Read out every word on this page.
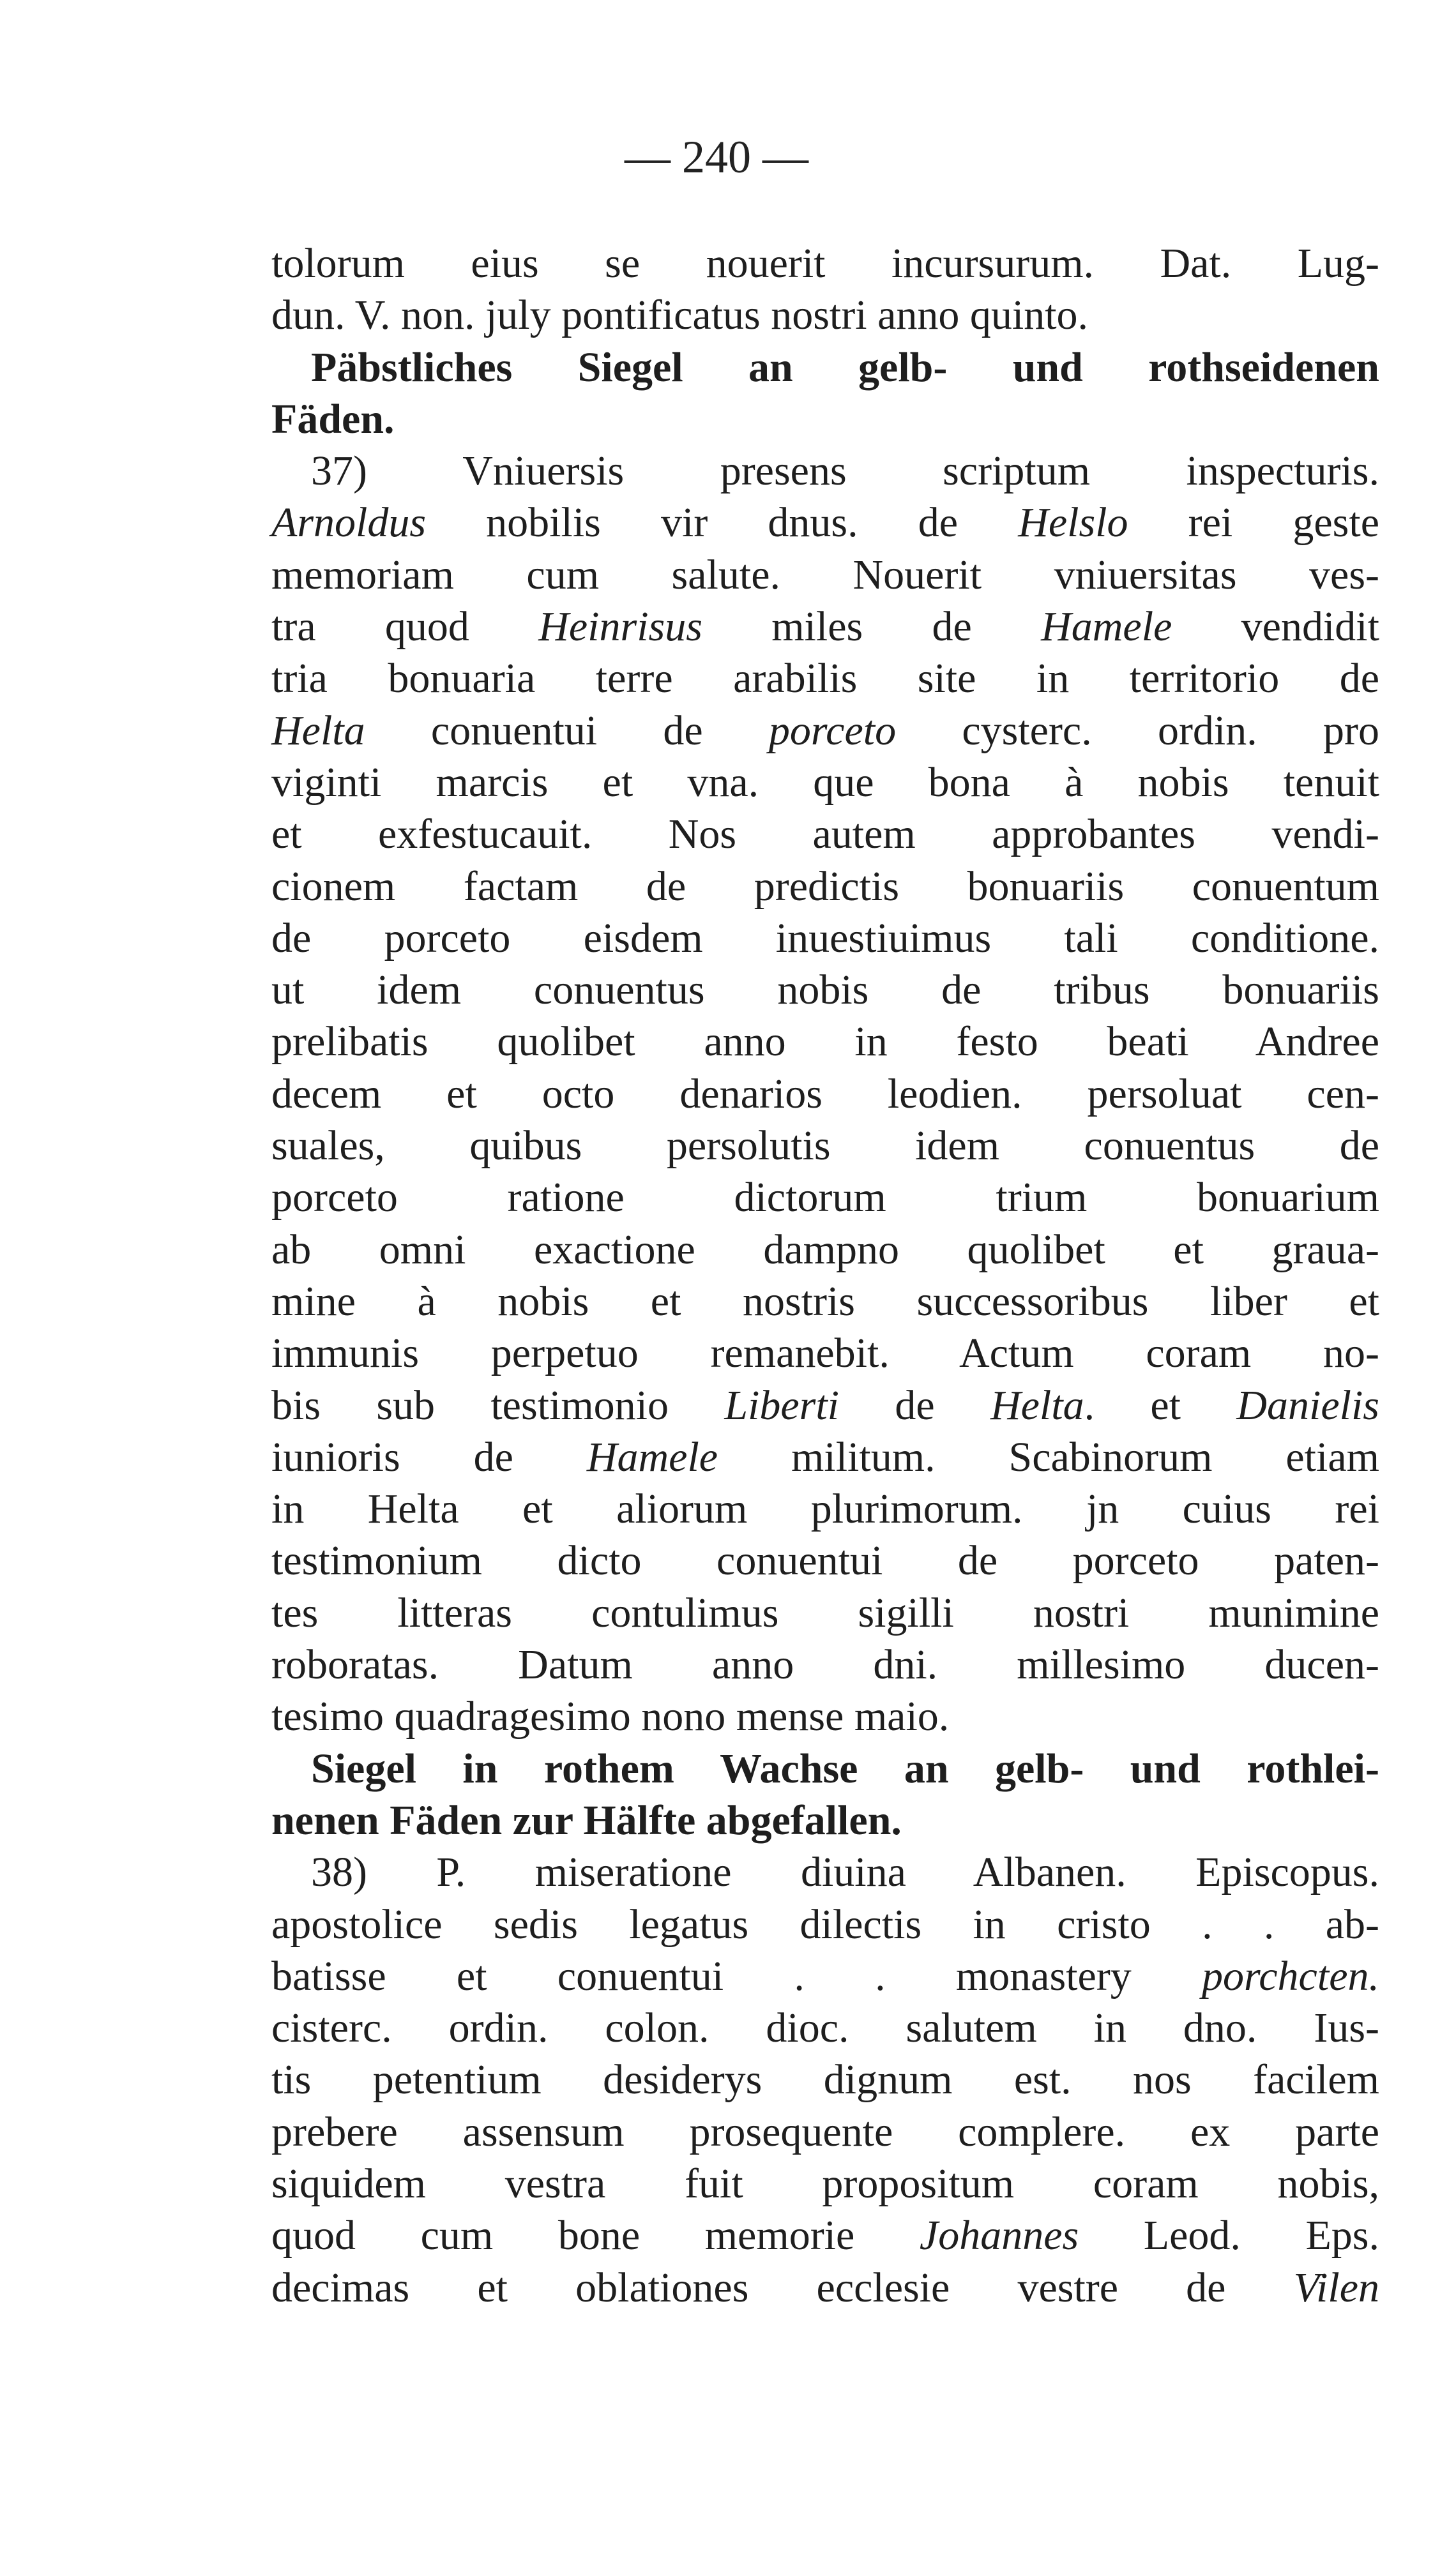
— 240 —
tolorum eius se nouerit incursurum. Dat. Lug-
dun. V. non. july pontificatus nostri anno quinto.
Päbstliches Siegel an gelb- und rothseidenen
Fäden.
37) Vniuersis presens scriptum inspecturis.
Arnoldus nobilis vir dnus. de Helslo rei geste
memoriam cum salute. Nouerit vniuersitas ves-
tra quod Heinrisus miles de Hamele vendidit
tria bonuaria terre arabilis site in territorio de
Helta conuentui de porceto cysterc. ordin. pro
viginti marcis et vna. que bona à nobis tenuit
et exfestucauit. Nos autem approbantes vendi-
cionem factam de predictis bonuariis conuentum
de porceto eisdem inuestiuimus tali conditione.
ut idem conuentus nobis de tribus bonuariis
prelibatis quolibet anno in festo beati Andree
decem et octo denarios leodien. persoluat cen-
suales, quibus persolutis idem conuentus de
porceto ratione dictorum trium bonuarium
ab omni exactione dampno quolibet et graua-
mine à nobis et nostris successoribus liber et
immunis perpetuo remanebit. Actum coram no-
bis sub testimonio Liberti de Helta. et Danielis
iunioris de Hamele militum. Scabinorum etiam
in Helta et aliorum plurimorum. jn cuius rei
testimonium dicto conuentui de porceto paten-
tes litteras contulimus sigilli nostri munimine
roboratas. Datum anno dni. millesimo ducen-
tesimo quadragesimo nono mense maio.
Siegel in rothem Wachse an gelb- und rothlei-
nenen Fäden zur Hälfte abgefallen.
38) P. miseratione diuina Albanen. Episcopus.
apostolice sedis legatus dilectis in cristo . . ab-
batisse et conuentui . . monastery porchcten.
cisterc. ordin. colon. dioc. salutem in dno. Ius-
tis petentium desiderys dignum est. nos facilem
prebere assensum prosequente complere. ex parte
siquidem vestra fuit propositum coram nobis,
quod cum bone memorie Johannes Leod. Eps.
decimas et oblationes ecclesie vestre de Vilen
